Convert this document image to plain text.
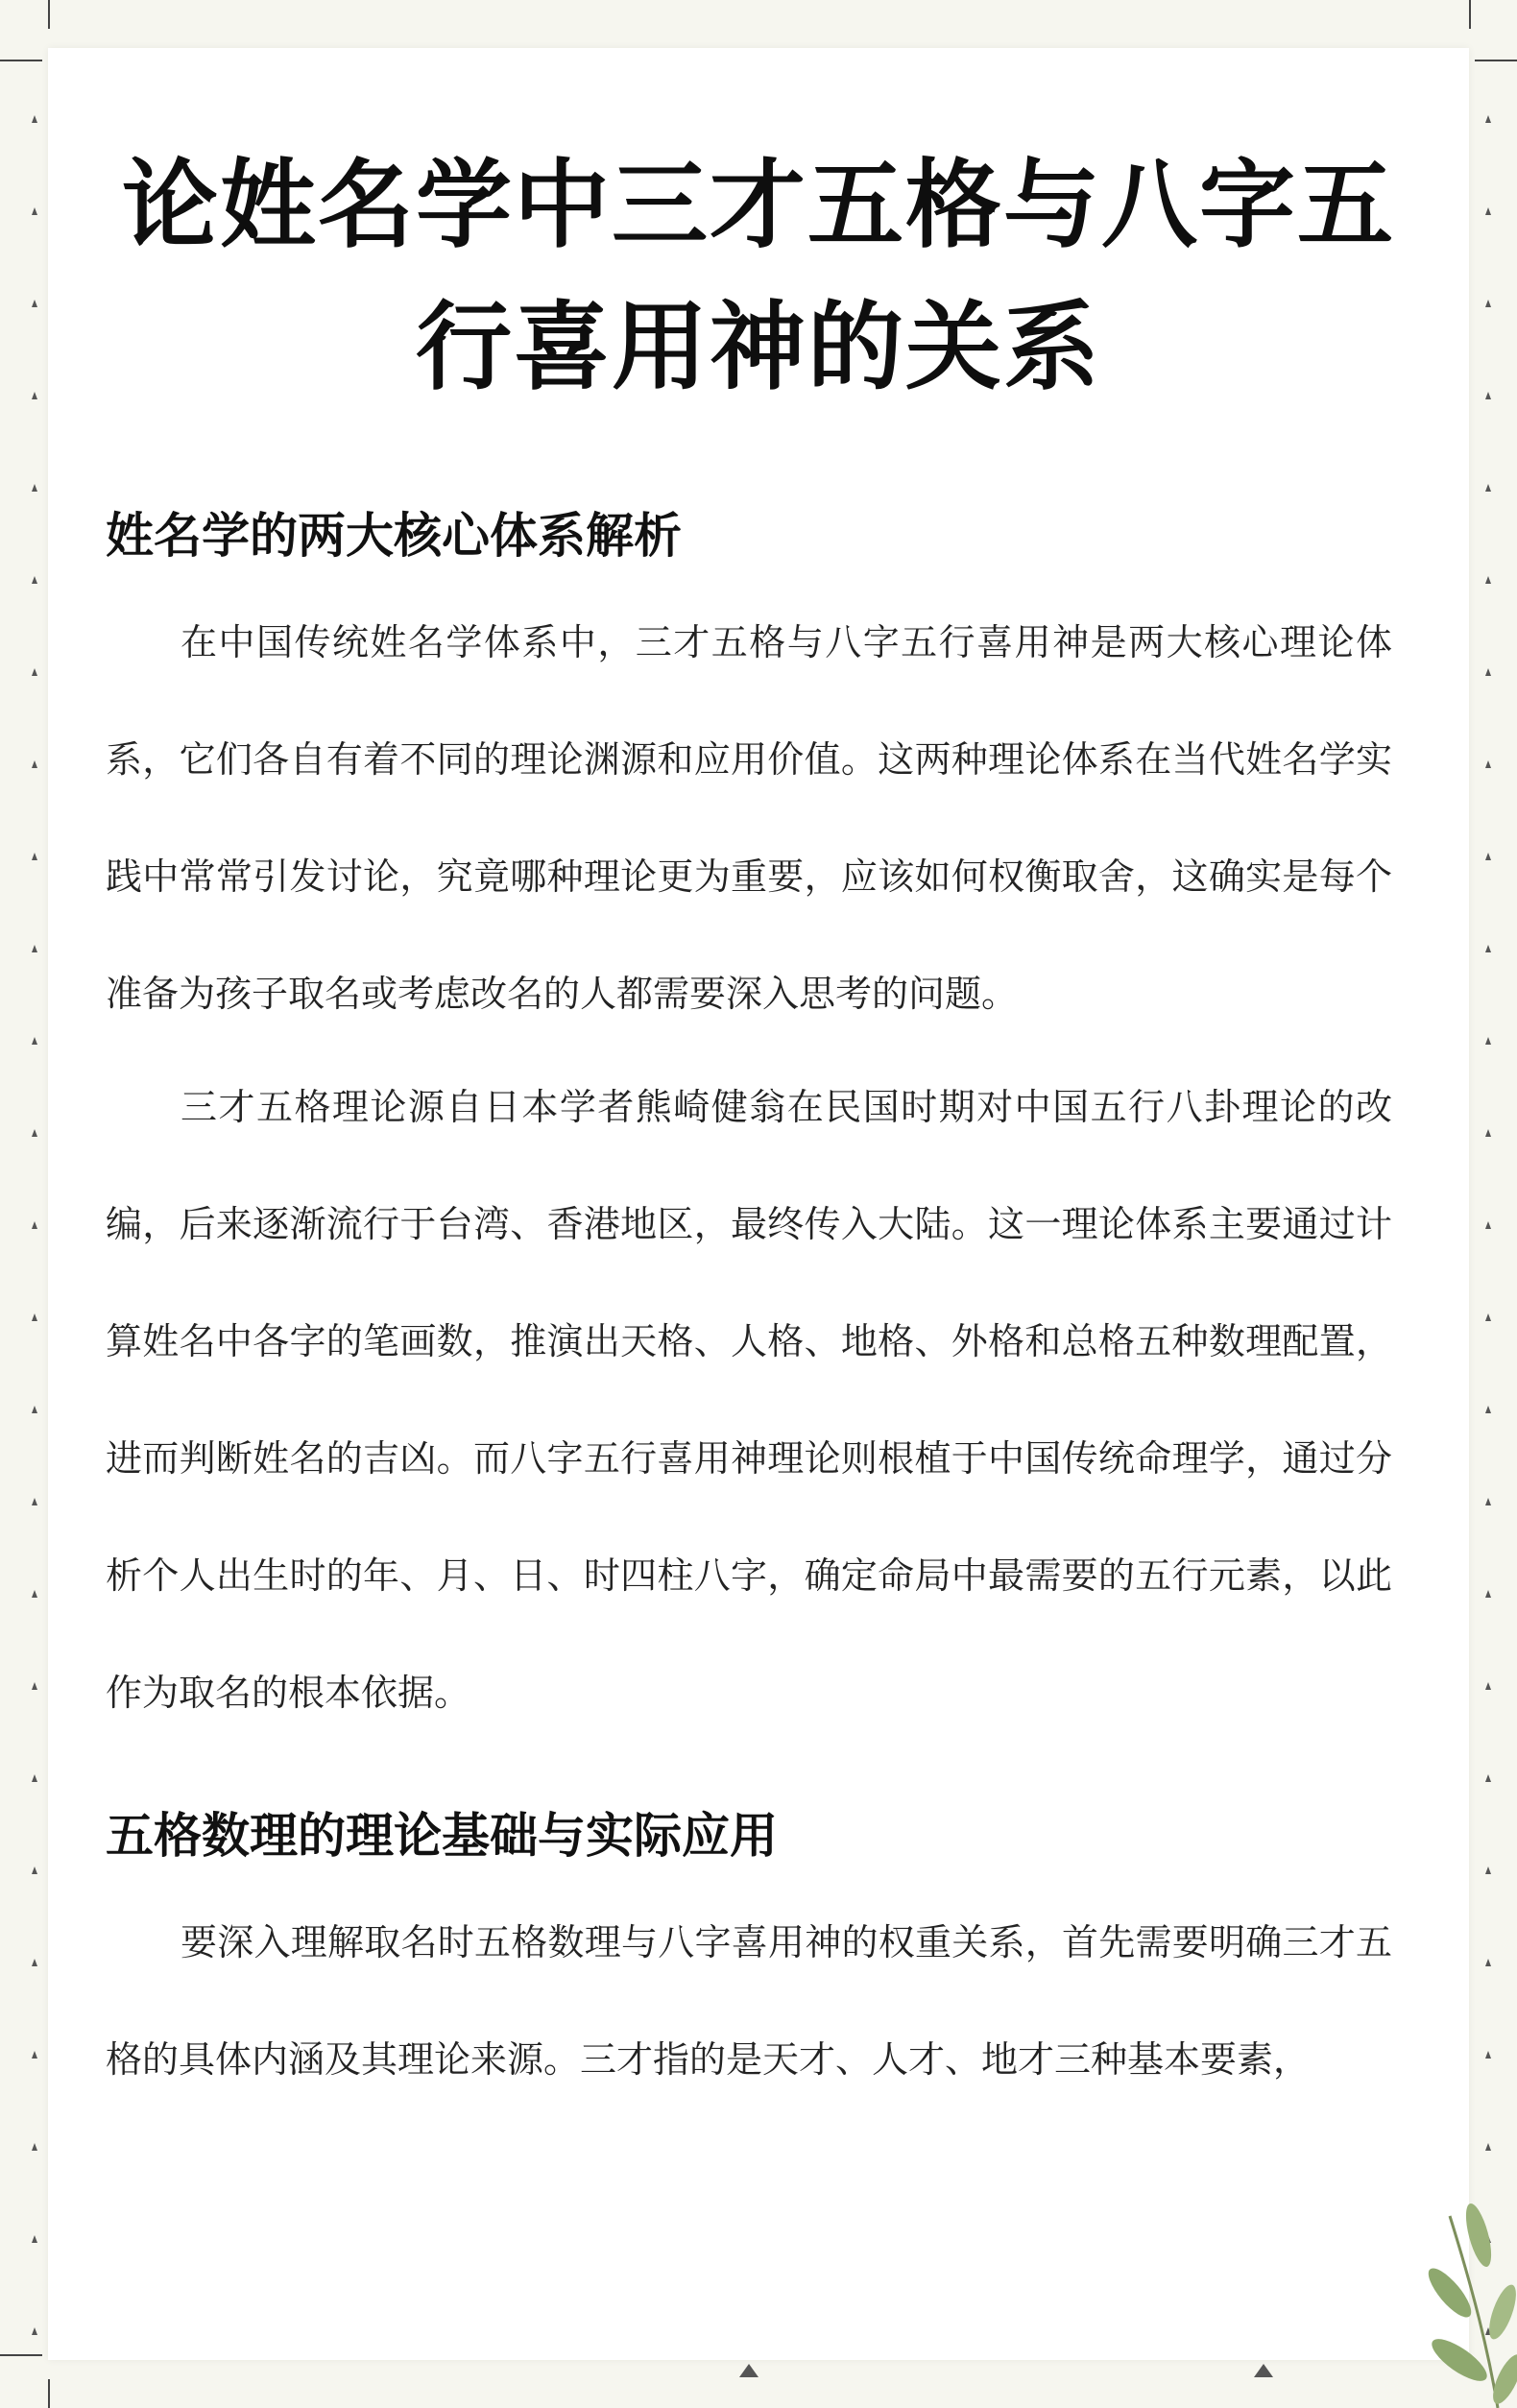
论姓名学中三才五格与八字五行喜用神的关系
姓名学的两大核心体系解析

在中国传统姓名学体系中，三才五格与八字五行喜用神是两大核心理论体系，它们各自有着不同的理论渊源和应用价值。这两种理论体系在当代姓名学实践中常常引发讨论，究竟哪种理论更为重要，应该如何权衡取舍，这确实是每个准备为孩子取名或考虑改名的人都需要深入思考的问题。

三才五格理论源自日本学者熊崎健翁在民国时期对中国五行八卦理论的改编，后来逐渐流行于台湾、香港地区，最终传入大陆。这一理论体系主要通过计算姓名中各字的笔画数，推演出天格、人格、地格、外格和总格五种数理配置，进而判断姓名的吉凶。而八字五行喜用神理论则根植于中国传统命理学，通过分析个人出生时的年、月、日、时四柱八字，确定命局中最需要的五行元素，以此作为取名的根本依据。

五格数理的理论基础与实际应用

要深入理解取名时五格数理与八字喜用神的权重关系，首先需要明确三才五格的具体内涵及其理论来源。三才指的是天才、人才、地才三种基本要素，
